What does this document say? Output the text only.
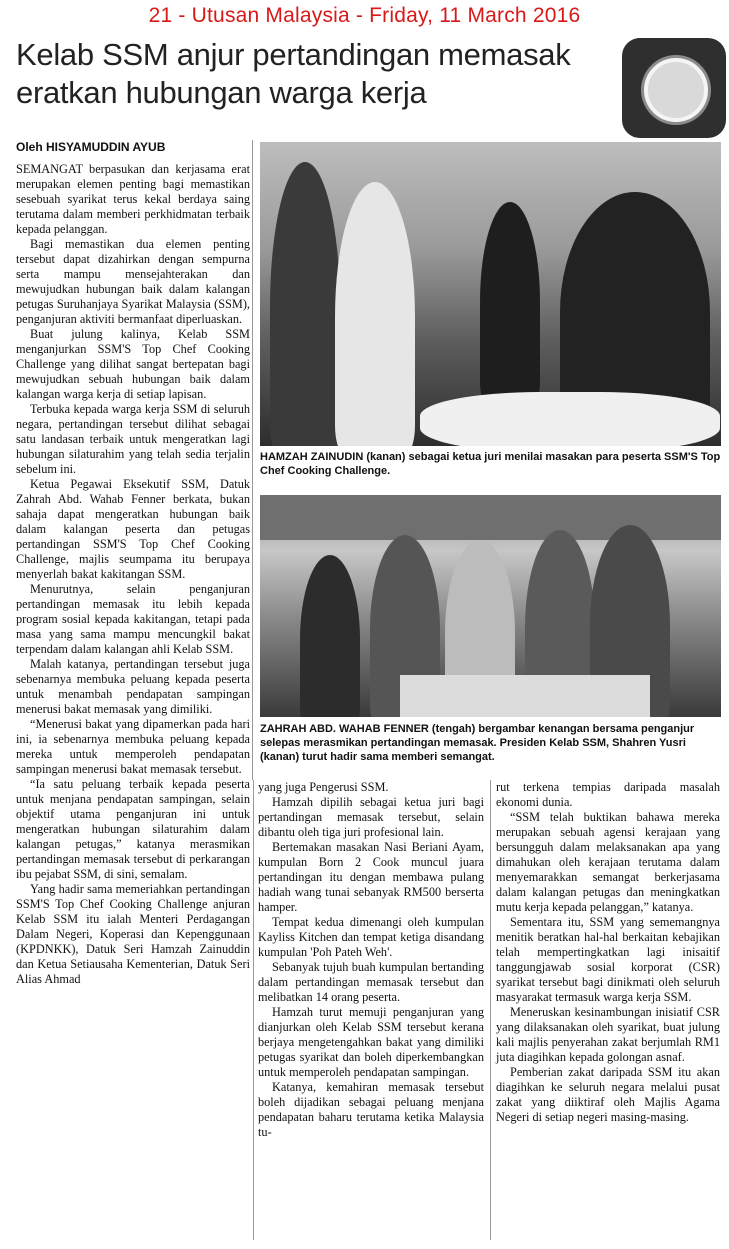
21 - Utusan Malaysia - Friday, 11 March 2016
Kelab SSM anjur pertandingan memasak
eratkan hubungan warga kerja
Oleh HISYAMUDDIN AYUB

SEMANGAT berpasukan dan kerjasama erat merupakan elemen penting bagi memastikan sesebuah syarikat terus kekal berdaya saing terutama dalam memberi perkhidmatan terbaik kepada pelanggan.

Bagi memastikan dua elemen penting tersebut dapat dizahirkan dengan sempurna serta mampu mensejahterakan dan mewujudkan hubungan baik dalam kalangan petugas Suruhanjaya Syarikat Malaysia (SSM), penganjuran aktiviti bermanfaat diperluaskan.

Buat julung kalinya, Kelab SSM menganjurkan SSM'S Top Chef Cooking Challenge yang dilihat sangat bertepatan bagi mewujudkan sebuah hubungan baik dalam kalangan warga kerja di setiap lapisan.

Terbuka kepada warga kerja SSM di seluruh negara, pertandingan tersebut dilihat sebagai satu landasan terbaik untuk mengeratkan lagi hubungan silaturahim yang telah sedia terjalin sebelum ini.

Ketua Pegawai Eksekutif SSM, Datuk Zahrah Abd. Wahab Fenner berkata, bukan sahaja dapat mengeratkan hubungan baik dalam kalangan peserta dan petugas pertandingan SSM'S Top Chef Cooking Challenge, majlis seumpama itu berupaya menyerlah bakat kakitangan SSM.

Menurutnya, selain penganjuran pertandingan memasak itu lebih kepada program sosial kepada kakitangan, tetapi pada masa yang sama mampu mencungkil bakat terpendam dalam kalangan ahli Kelab SSM.

Malah katanya, pertandingan tersebut juga sebenarnya membuka peluang kepada peserta untuk menambah pendapatan sampingan menerusi bakat memasak yang dimiliki.

“Menerusi bakat yang dipamerkan pada hari ini, ia sebenarnya membuka peluang kepada mereka untuk memperoleh pendapatan sampingan menerusi bakat memasak tersebut.

“Ia satu peluang terbaik kepada peserta untuk menjana pendapatan sampingan, selain objektif utama penganjuran ini untuk mengeratkan hubungan silaturahim dalam kalangan petugas,” katanya merasmikan pertandingan memasak tersebut di perkarangan ibu pejabat SSM, di sini, semalam.

Yang hadir sama memeriahkan pertandingan SSM'S Top Chef Cooking Challenge anjuran Kelab SSM itu ialah Menteri Perdagangan Dalam Negeri, Koperasi dan Kepenggunaan (KPDNKK), Datuk Seri Hamzah Zainuddin dan Ketua Setiausaha Kementerian, Datuk Seri Alias Ahmad

HAMZAH ZAINUDIN (kanan) sebagai ketua juri menilai masakan para peserta SSM'S Top Chef Cooking Challenge.
ZAHRAH ABD. WAHAB FENNER (tengah) bergambar kenangan bersama penganjur selepas merasmikan pertandingan memasak. Presiden Kelab SSM, Shahren Yusri (kanan) turut hadir sama memberi semangat.

yang juga Pengerusi SSM.

Hamzah dipilih sebagai ketua juri bagi pertandingan memasak tersebut, selain dibantu oleh tiga juri profesional lain.

Bertemakan masakan Nasi Beriani Ayam, kumpulan Born 2 Cook muncul juara pertandingan itu dengan membawa pulang hadiah wang tunai sebanyak RM500 berserta hamper.

Tempat kedua dimenangi oleh kumpulan Kayliss Kitchen dan tempat ketiga disandang kumpulan 'Poh Pateh Weh'.

Sebanyak tujuh buah kumpulan bertanding dalam pertandingan memasak tersebut dan melibatkan 14 orang peserta.

Hamzah turut memuji penganjuran yang dianjurkan oleh Kelab SSM tersebut kerana berjaya mengetengahkan bakat yang dimiliki petugas syarikat dan boleh diperkembangkan untuk memperoleh pendapatan sampingan.

Katanya, kemahiran memasak tersebut boleh dijadikan sebagai peluang menjana pendapatan baharu terutama ketika Malaysia tu-

rut terkena tempias daripada masalah ekonomi dunia.

“SSM telah buktikan bahawa mereka merupakan sebuah agensi kerajaan yang bersungguh dalam melaksanakan apa yang dimahukan oleh kerajaan terutama dalam menyemarakkan semangat berkerjasama dalam kalangan petugas dan meningkatkan mutu kerja kepada pelanggan,” katanya.

Sementara itu, SSM yang sememangnya menitik beratkan hal-hal berkaitan kebajikan telah mempertingkatkan lagi inisaitif tanggungjawab sosial korporat (CSR) syarikat tersebut bagi dinikmati oleh seluruh masyarakat termasuk warga kerja SSM.

Meneruskan kesinambungan inisiatif CSR yang dilaksanakan oleh syarikat, buat julung kali majlis penyerahan zakat berjumlah RM1 juta diagihkan kepada golongan asnaf.

Pemberian zakat daripada SSM itu akan diagihkan ke seluruh negara melalui pusat zakat yang diiktiraf oleh Majlis Agama Negeri di setiap negeri masing-masing.
